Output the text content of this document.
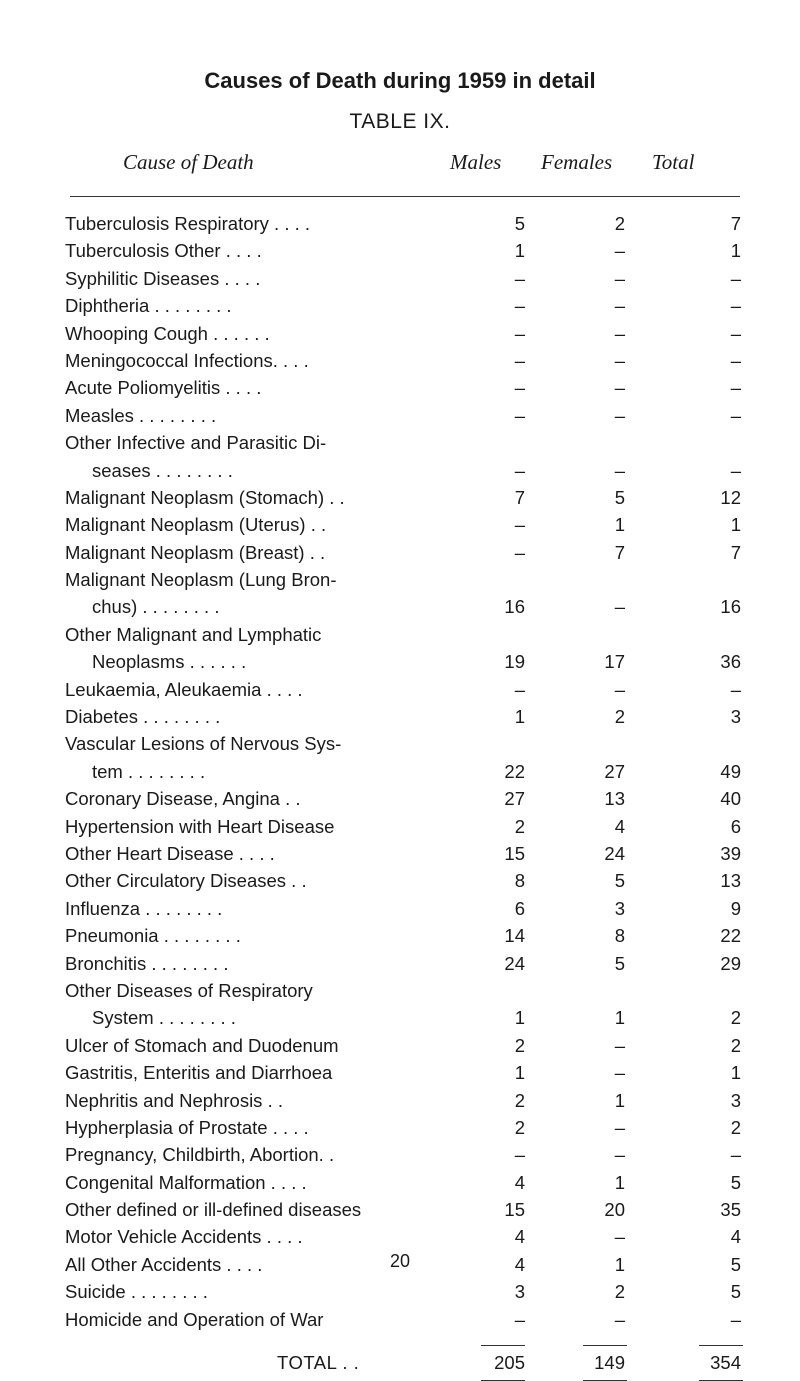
Causes of Death during 1959 in detail
TABLE IX.
Cause of Death	Males Females Total
Tuberculosis Respiratory . . . .	5	2	7
Tuberculosis Other . . . .	1	–	1
Syphilitic Diseases . . . .	–	–	–
Diphtheria . . . . . . . .	–	–	–
Whooping Cough . . . . . .	–	–	–
Meningococcal Infections. . . .	–	–	–
Acute Poliomyelitis . . . .	–	–	–
Measles . . . . . . . .	–	–	–
Other Infective and Parasitic Di-
seases . . . . . . . .	–	–	–
Malignant Neoplasm (Stomach) . .	7	5	12
Malignant Neoplasm (Uterus) . .	–	1	1
Malignant Neoplasm (Breast) . .	–	7	7
Malignant Neoplasm (Lung Bron-
chus) . . . . . . . .	16	–	16
Other Malignant and Lymphatic
Neoplasms . . . . . .	19	17	36
Leukaemia, Aleukaemia . . . .	–	–	–
Diabetes . . . . . . . .	1	2	3
Vascular Lesions of Nervous Sys-
tem . . . . . . . .	22	27	49
Coronary Disease, Angina . .	27	13	40
Hypertension with Heart Disease	2	4	6
Other Heart Disease . . . .	15	24	39
Other Circulatory Diseases . .	8	5	13
Influenza . . . . . . . .	6	3	9
Pneumonia . . . . . . . .	14	8	22
Bronchitis . . . . . . . .	24	5	29
Other Diseases of Respiratory
System . . . . . . . .	1	1	2
Ulcer of Stomach and Duodenum	2	–	2
Gastritis, Enteritis and Diarrhoea	1	–	1
Nephritis and Nephrosis . .	2	1	3
Hypherplasia of Prostate . . . .	2	–	2
Pregnancy, Childbirth, Abortion. .	–	–	–
Congenital Malformation . . . .	4	1	5
Other defined or ill-defined diseases	15	20	35
Motor Vehicle Accidents . . . .	4	–	4
All Other Accidents . . . .	4	1	5
Suicide . . . . . . . .	3	2	5
Homicide and Operation of War	–	–	–
TOTAL . .	205	149	354
20
